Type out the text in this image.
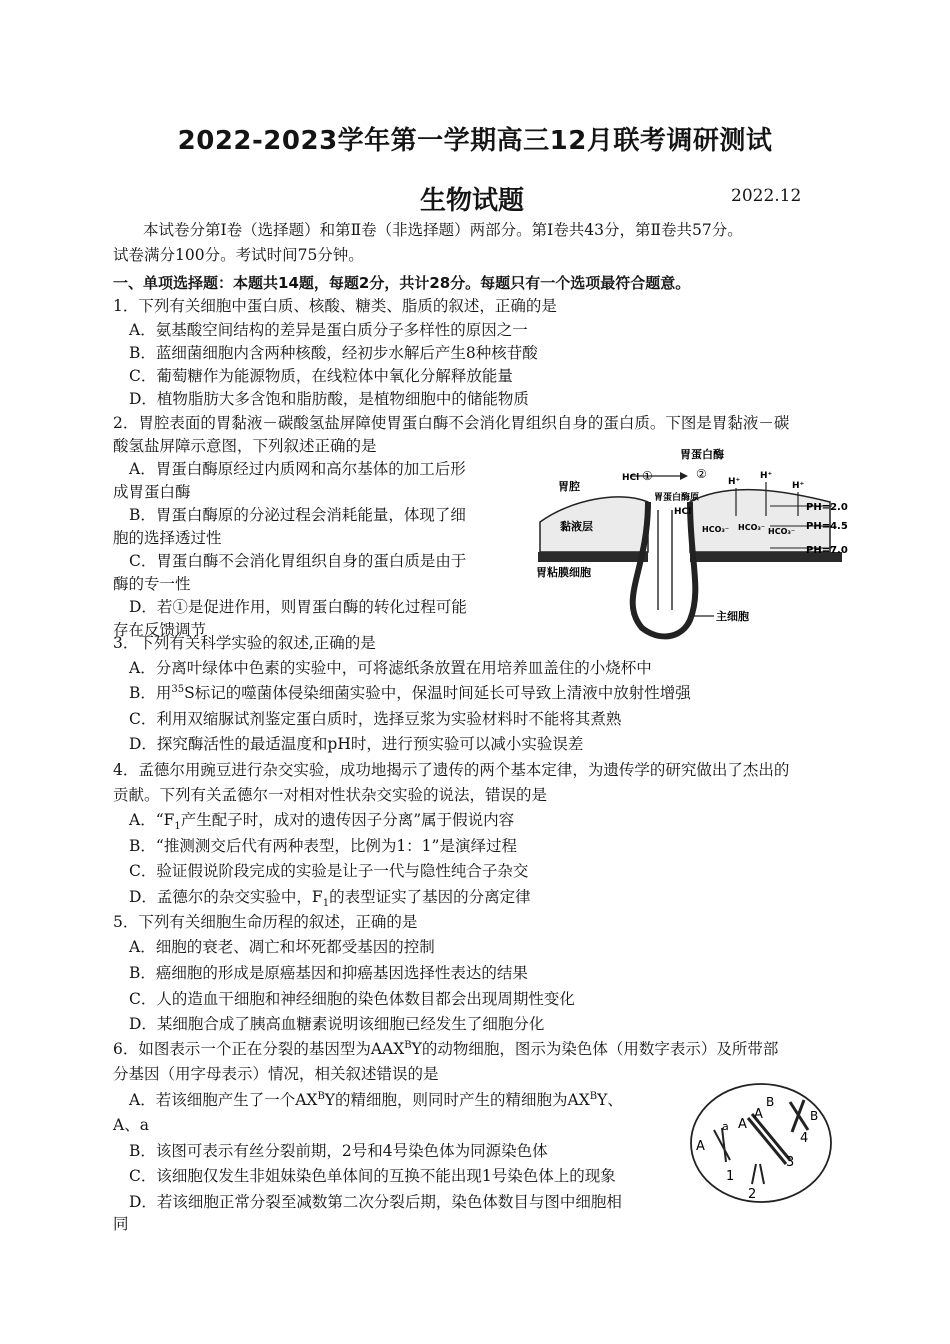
2022-2023学年第一学期高三12月联考调研测试
生物试题	2022.12
本试卷分第Ⅰ卷（选择题）和第Ⅱ卷（非选择题）两部分。第Ⅰ卷共43分，第Ⅱ卷共57分。
试卷满分100分。考试时间75分钟。
一、单项选择题：本题共14题，每题2分，共计28分。每题只有一个选项最符合题意。
1．下列有关细胞中蛋白质、核酸、糖类、脂质的叙述，正确的是
A．氨基酸空间结构的差异是蛋白质分子多样性的原因之一
B．蓝细菌细胞内含两种核酸，经初步水解后产生8种核苷酸
C．葡萄糖作为能源物质，在线粒体中氧化分解释放能量
D．植物脂肪大多含饱和脂肪酸，是植物细胞中的储能物质
2．胃腔表面的胃黏液－碳酸氢盐屏障使胃蛋白酶不会消化胃组织自身的蛋白质。下图是胃黏液－碳
酸氢盐屏障示意图，下列叙述正确的是
A．胃蛋白酶原经过内质网和高尔基体的加工后形
成胃蛋白酶
B．胃蛋白酶原的分泌过程会消耗能量，体现了细
胞的选择透过性
C．胃蛋白酶不会消化胃组织自身的蛋白质是由于
酶的专一性
D．若①是促进作用，则胃蛋白酶的转化过程可能
存在反馈调节
胃蛋白酶
HCl ①	②
胃腔
胃蛋白酶原
H⁺
H⁺
H⁺
HCl
黏液层	HCO₃⁻ HCO₃⁻ HCO₃⁻
PH=2.0
PH=4.5
PH=7.0
胃粘膜细胞
主细胞
3．下列有关科学实验的叙述,正确的是
A．分离叶绿体中色素的实验中，可将滤纸条放置在用培养皿盖住的小烧杯中
B．用$^{35}$S标记的噬菌体侵染细菌实验中，保温时间延长可导致上清液中放射性增强
C．利用双缩脲试剂鉴定蛋白质时，选择豆浆为实验材料时不能将其煮熟
D．探究酶活性的最适温度和pH时，进行预实验可以减小实验误差
4．孟德尔用豌豆进行杂交实验，成功地揭示了遗传的两个基本定律，为遗传学的研究做出了杰出的
贡献。下列有关孟德尔一对相对性状杂交实验的说法，错误的是
A．“$F_1$产生配子时，成对的遗传因子分离”属于假说内容
B．“推测测交后代有两种表型，比例为1：1”是演绎过程
C．验证假说阶段完成的实验是让子一代与隐性纯合子杂交
D．孟德尔的杂交实验中，$F_1$的表型证实了基因的分离定律
5．下列有关细胞生命历程的叙述，正确的是
A．细胞的衰老、凋亡和坏死都受基因的控制
B．癌细胞的形成是原癌基因和抑癌基因选择性表达的结果
C．人的造血干细胞和神经细胞的染色体数目都会出现周期性变化
D．某细胞合成了胰高血糖素说明该细胞已经发生了细胞分化
6．如图表示一个正在分裂的基因型为$AAX^BY$的动物细胞，图示为染色体（用数字表示）及所带部
分基因（用字母表示）情况，相关叙述错误的是
A．若该细胞产生了一个$AX^BY$的精细胞，则同时产生的精细胞为$AX^BY$、
A、a
B．该图可表示有丝分裂前期，2号和4号染色体为同源染色体
C．该细胞仅发生非姐妹染色单体间的互换不能出现1号染色体上的现象
D．若该细胞正常分裂至减数第二次分裂后期，染色体数目与图中细胞相
同
A
a A
A
B
B
1
2
3
4
